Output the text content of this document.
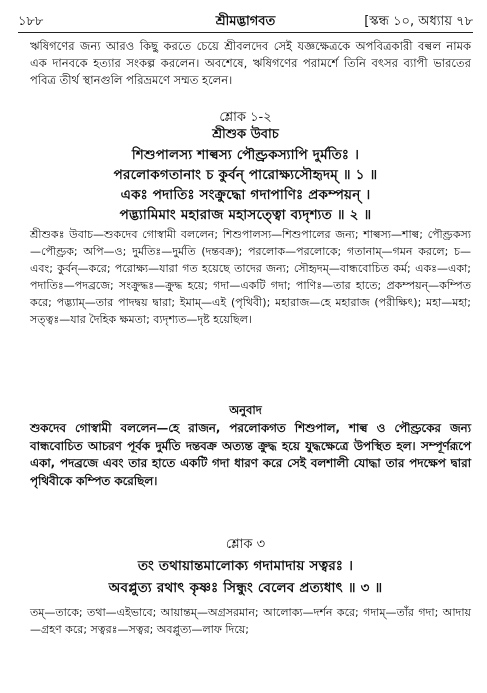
১৮৮	শ্রীমদ্ভাগবত	[স্কন্ধ ১০, অধ্যায় ৭৮
ঋষিগণের জন্য আরও কিছু করতে চেয়ে শ্রীবলদেব সেই যজ্ঞক্ষেত্রকে অপবিত্রকারী বল্বল নামক এক দানবকে হত্যার সংকল্প করলেন। অবশেষে, ঋষিগণের পরামর্শে তিনি বৎসর ব্যাপী ভারতের পবিত্র তীর্থ স্থানগুলি পরিভ্রমণে সম্মত হলেন।
শ্লোক ১-২
শ্রীশুক উবাচ
শিশুপালস্য শাল্বস্য পৌণ্ড্রকস্যাপি দুর্মতিঃ ।
পরলোকগতানাং চ কুর্বন্ পারোক্ষ্যসৌহৃদম্ ॥ ১ ॥
একঃ পদাতিঃ সংক্রুদ্ধো গদাপাণিঃ প্রকম্পয়ন্ ।
পদ্ভ্যামিমাং মহারাজ মহাসত্ত্বো ব্যদৃশ্যত ॥ ২ ॥
শ্রীশুকঃ উবাচ—শুকদেব গোস্বামী বললেন; শিশুপালস্য—শিশুপালের জন্য; শাল্বস্য—শাল্ব; পৌণ্ড্রকস্য—পৌণ্ড্রক; অপি—ও; দুর্মতিঃ—দুর্মতি (দন্তবক্র); পরলোক—পরলোকে; গতানাম্—গমন করলে; চ—এবং; কুর্বন্—করে; পরোক্ষ্য—যারা গত হয়েছে তাদের জন্য; সৌহৃদম্—বান্ধবোচিত কর্ম; একঃ—একা; পদাতিঃ—পদব্রজে; সংক্রুদ্ধঃ—ক্রুদ্ধ হয়ে; গদা—একটি গদা; পাণিঃ—তার হাতে; প্রকম্পয়ন্—কম্পিত করে; পদ্ভ্যাম্—তার পাদদ্বয় দ্বারা; ইমাম্—এই (পৃথিবী); মহারাজ—হে মহারাজ (পরীক্ষিৎ); মহা—মহা; সত্ত্বঃ—যার দৈহিক ক্ষমতা; ব্যদৃশ্যত—দৃষ্ট হয়েছিল।
অনুবাদ
শুকদেব গোস্বামী বললেন—হে রাজন, পরলোকগত শিশুপাল, শাল্ব ও পৌণ্ড্রকের জন্য বান্ধবোচিত আচরণ পূর্বক দুর্মতি দন্তবক্র অত্যন্ত ক্রুদ্ধ হয়ে যুদ্ধক্ষেত্রে উপস্থিত হল। সম্পূর্ণরূপে একা, পদব্রজে এবং তার হাতে একটি গদা ধারণ করে সেই বলশালী যোদ্ধা তার পদক্ষেপ দ্বারা পৃথিবীকে কম্পিত করেছিল।
শ্লোক ৩
তং তথায়ান্তমালোক্য গদামাদায় সত্বরঃ ।
অবপ্লুত্য রথাৎ কৃষ্ণঃ সিন্ধুং বেলেব প্রত্যধাৎ ॥ ৩ ॥
তম্—তাকে; তথা—এইভাবে; আয়ান্তম্—অগ্রসরমান; আলোক্য—দর্শন করে; গদাম্—তাঁর গদা; আদায়—গ্রহণ করে; সত্বরঃ—সত্বর; অবপ্লুত্য—লাফ দিয়ে;
